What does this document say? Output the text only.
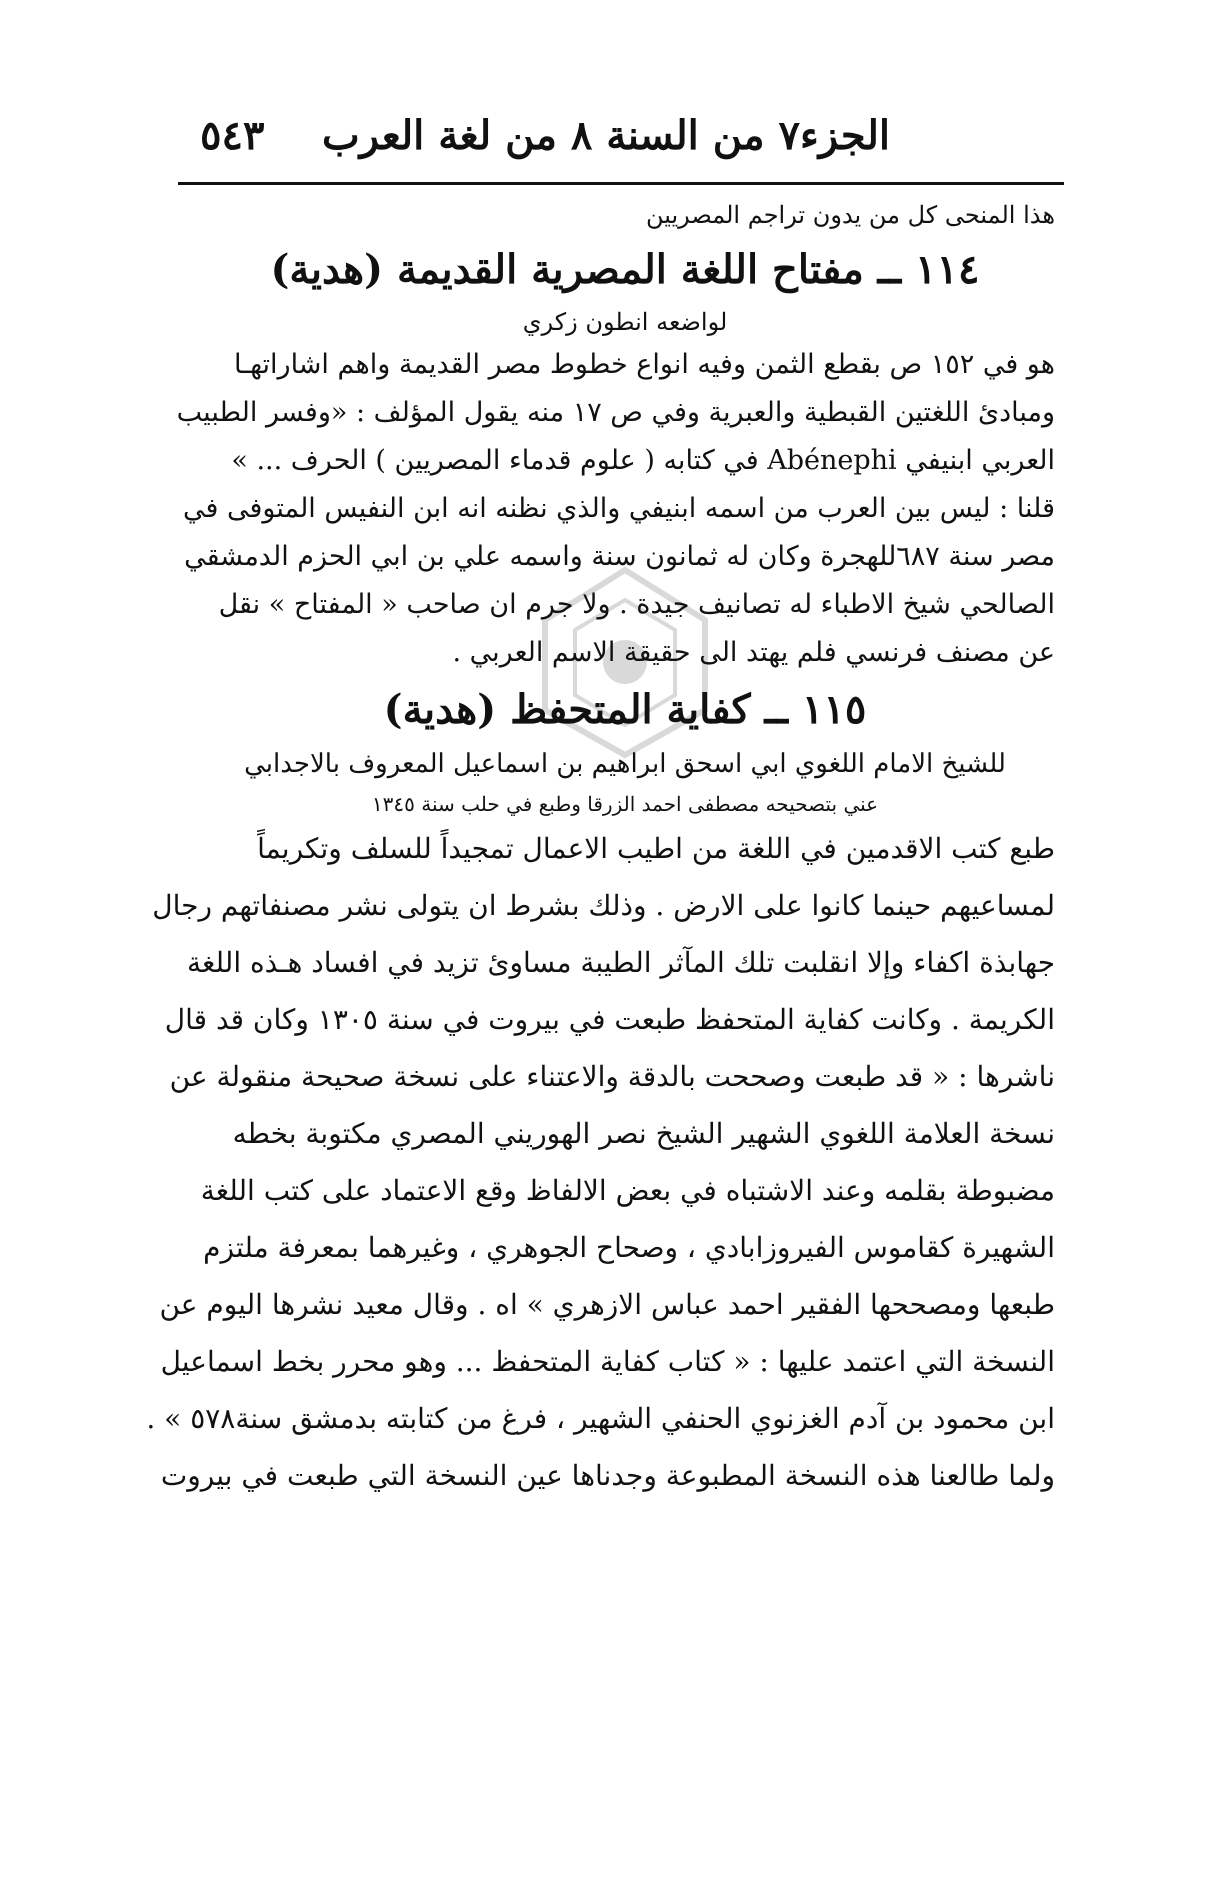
الجزء٧ من السنة ٨ من لغة العرب
٥٤٣
هذا المنحى كل من يدون تراجم المصريين
١١٤ ــ مفتاح اللغة المصرية القديمة (هدية)
لواضعه انطون زكري
هو في ١٥٢ ص بقطع الثمن وفيه انواع خطوط مصر القديمة واهم اشاراتهـا
ومبادئ اللغتين القبطية والعبرية وفي ص ١٧ منه يقول المؤلف : «وفسر الطبيب
العربي ابنيفي Abénephi في كتابه ( علوم قدماء المصريين ) الحرف ... »
قلنا : ليس بين العرب من اسمه ابنيفي والذي نظنه انه ابن النفيس المتوفى في
مصر سنة ٦٨٧للهجرة وكان له ثمانون سنة واسمه علي بن ابي الحزم الدمشقي
الصالحي شيخ الاطباء له تصانيف جيدة . ولا جرم ان صاحب « المفتاح » نقل
عن مصنف فرنسي فلم يهتد الى حقيقة الاسم العربي .
١١٥ ــ كفاية المتحفظ (هدية)
للشيخ الامام اللغوي ابي اسحق ابراهيم بن اسماعيل المعروف بالاجدابي
عني بتصحيحه مصطفى احمد الزرقا وطبع في حلب سنة ١٣٤٥
طبع كتب الاقدمين في اللغة من اطيب الاعمال تمجيداً للسلف وتكريماً
لمساعيهم حينما كانوا على الارض . وذلك بشرط ان يتولى نشر مصنفاتهم رجال
جهابذة اكفاء وإلا انقلبت تلك المآثر الطيبة مساوئ تزيد في افساد هـذه اللغة
الكريمة . وكانت كفاية المتحفظ طبعت في بيروت في سنة ١٣٠٥ وكان قد قال
ناشرها : « قد طبعت وصححت بالدقة والاعتناء على نسخة صحيحة منقولة عن
نسخة العلامة اللغوي الشهير الشيخ نصر الهوريني المصري مكتوبة بخطه
مضبوطة بقلمه وعند الاشتباه في بعض الالفاظ وقع الاعتماد على كتب اللغة
الشهيرة كقاموس الفيروزابادي ، وصحاح الجوهري ، وغيرهما بمعرفة ملتزم
طبعها ومصححها الفقير احمد عباس الازهري » اه . وقال معيد نشرها اليوم عن
النسخة التي اعتمد عليها : « كتاب كفاية المتحفظ ... وهو محرر بخط اسماعيل
ابن محمود بن آدم الغزنوي الحنفي الشهير ، فرغ من كتابته بدمشق سنة٥٧٨ » .
ولما طالعنا هذه النسخة المطبوعة وجدناها عين النسخة التي طبعت في بيروت
